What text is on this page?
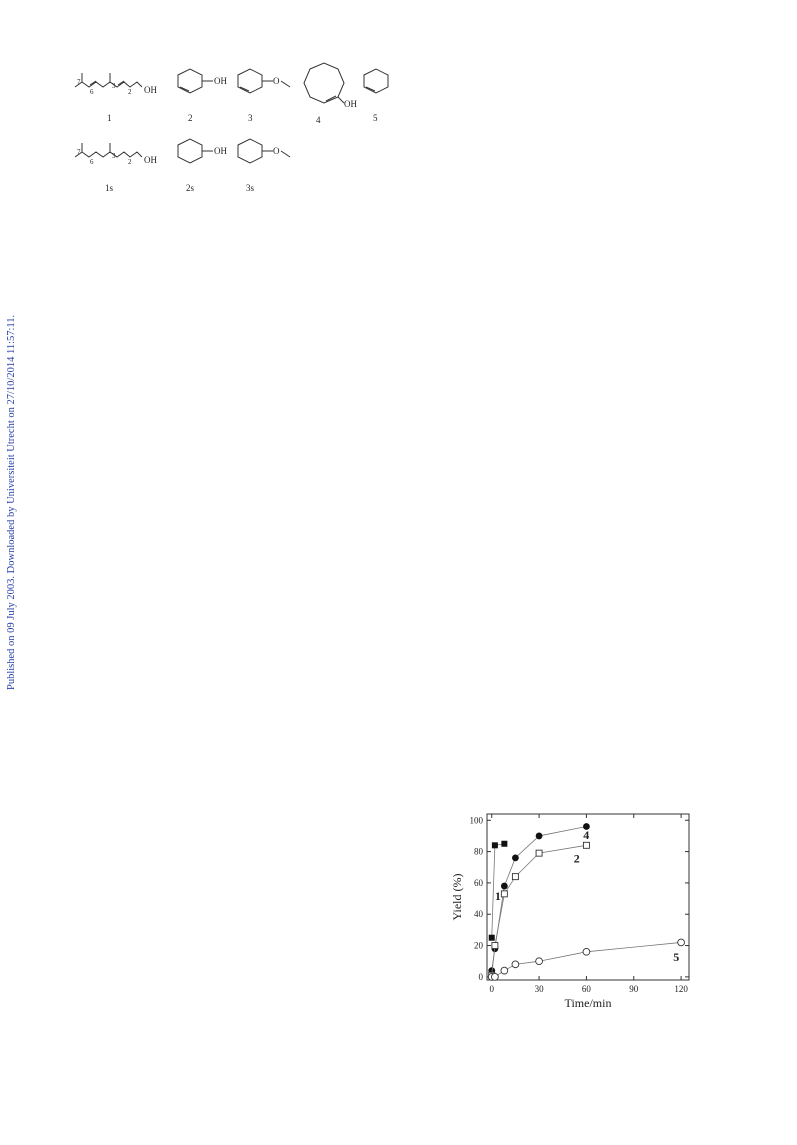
Published on 09 July 2003. Downloaded by Universiteit Utrecht on 27/10/2014 11:57:11.
OH
7
6
3
2
1
OH
2
O
3
OH
4	5
OH
7
6
3
2
1s
OH
2s
O
3s
0	30	60	90	120
0
20
40
60
80
100
Time/min
Yield (%)	1
4
2
5
